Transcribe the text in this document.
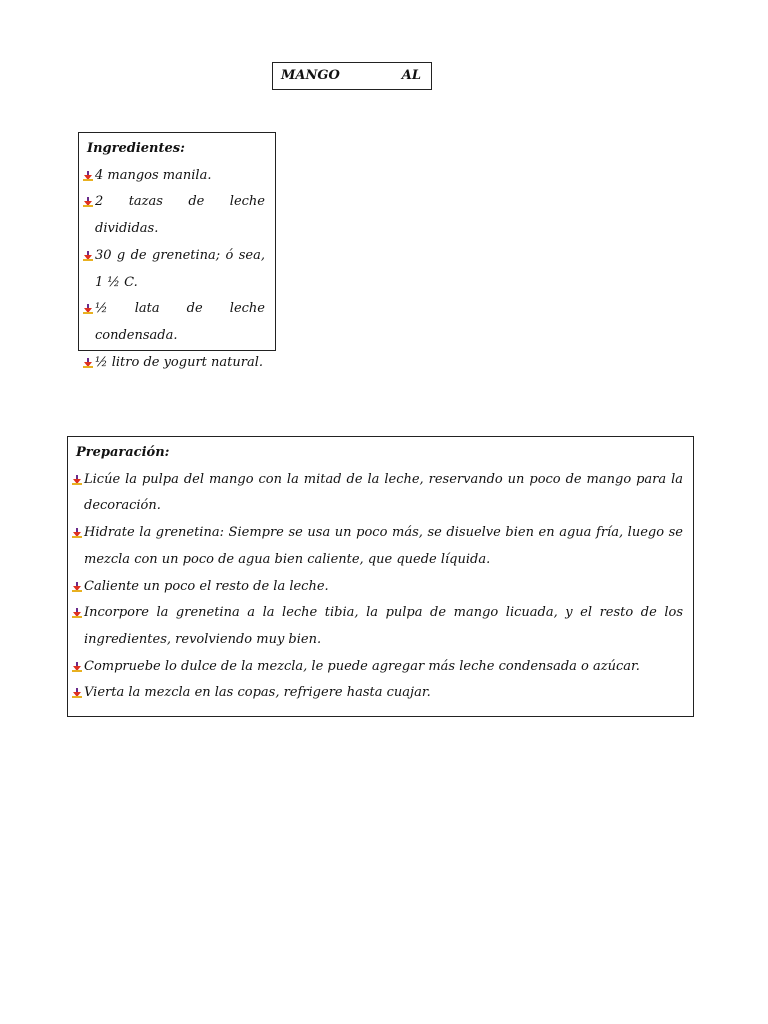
MANGO	AL
Ingredientes:
4 mangos manila.
2 tazas de leche divididas.
30 g de grenetina; ó sea, 1 ½ C.
½ lata de leche condensada.
½ litro de yogurt natural.
Preparación:
Licúe la pulpa del mango con la mitad de la leche, reservando un poco de mango para la decoración.
Hidrate la grenetina: Siempre se usa un poco más, se disuelve bien en agua fría, luego se mezcla con un poco de agua bien caliente, que quede líquida.
Caliente un poco el resto de la leche.
Incorpore la grenetina a la leche tibia, la pulpa de mango licuada, y el resto de los ingredientes, revolviendo muy bien.
Compruebe lo dulce de la mezcla, le puede agregar más leche condensada o azúcar.
Vierta la mezcla en las copas, refrigere hasta cuajar.
